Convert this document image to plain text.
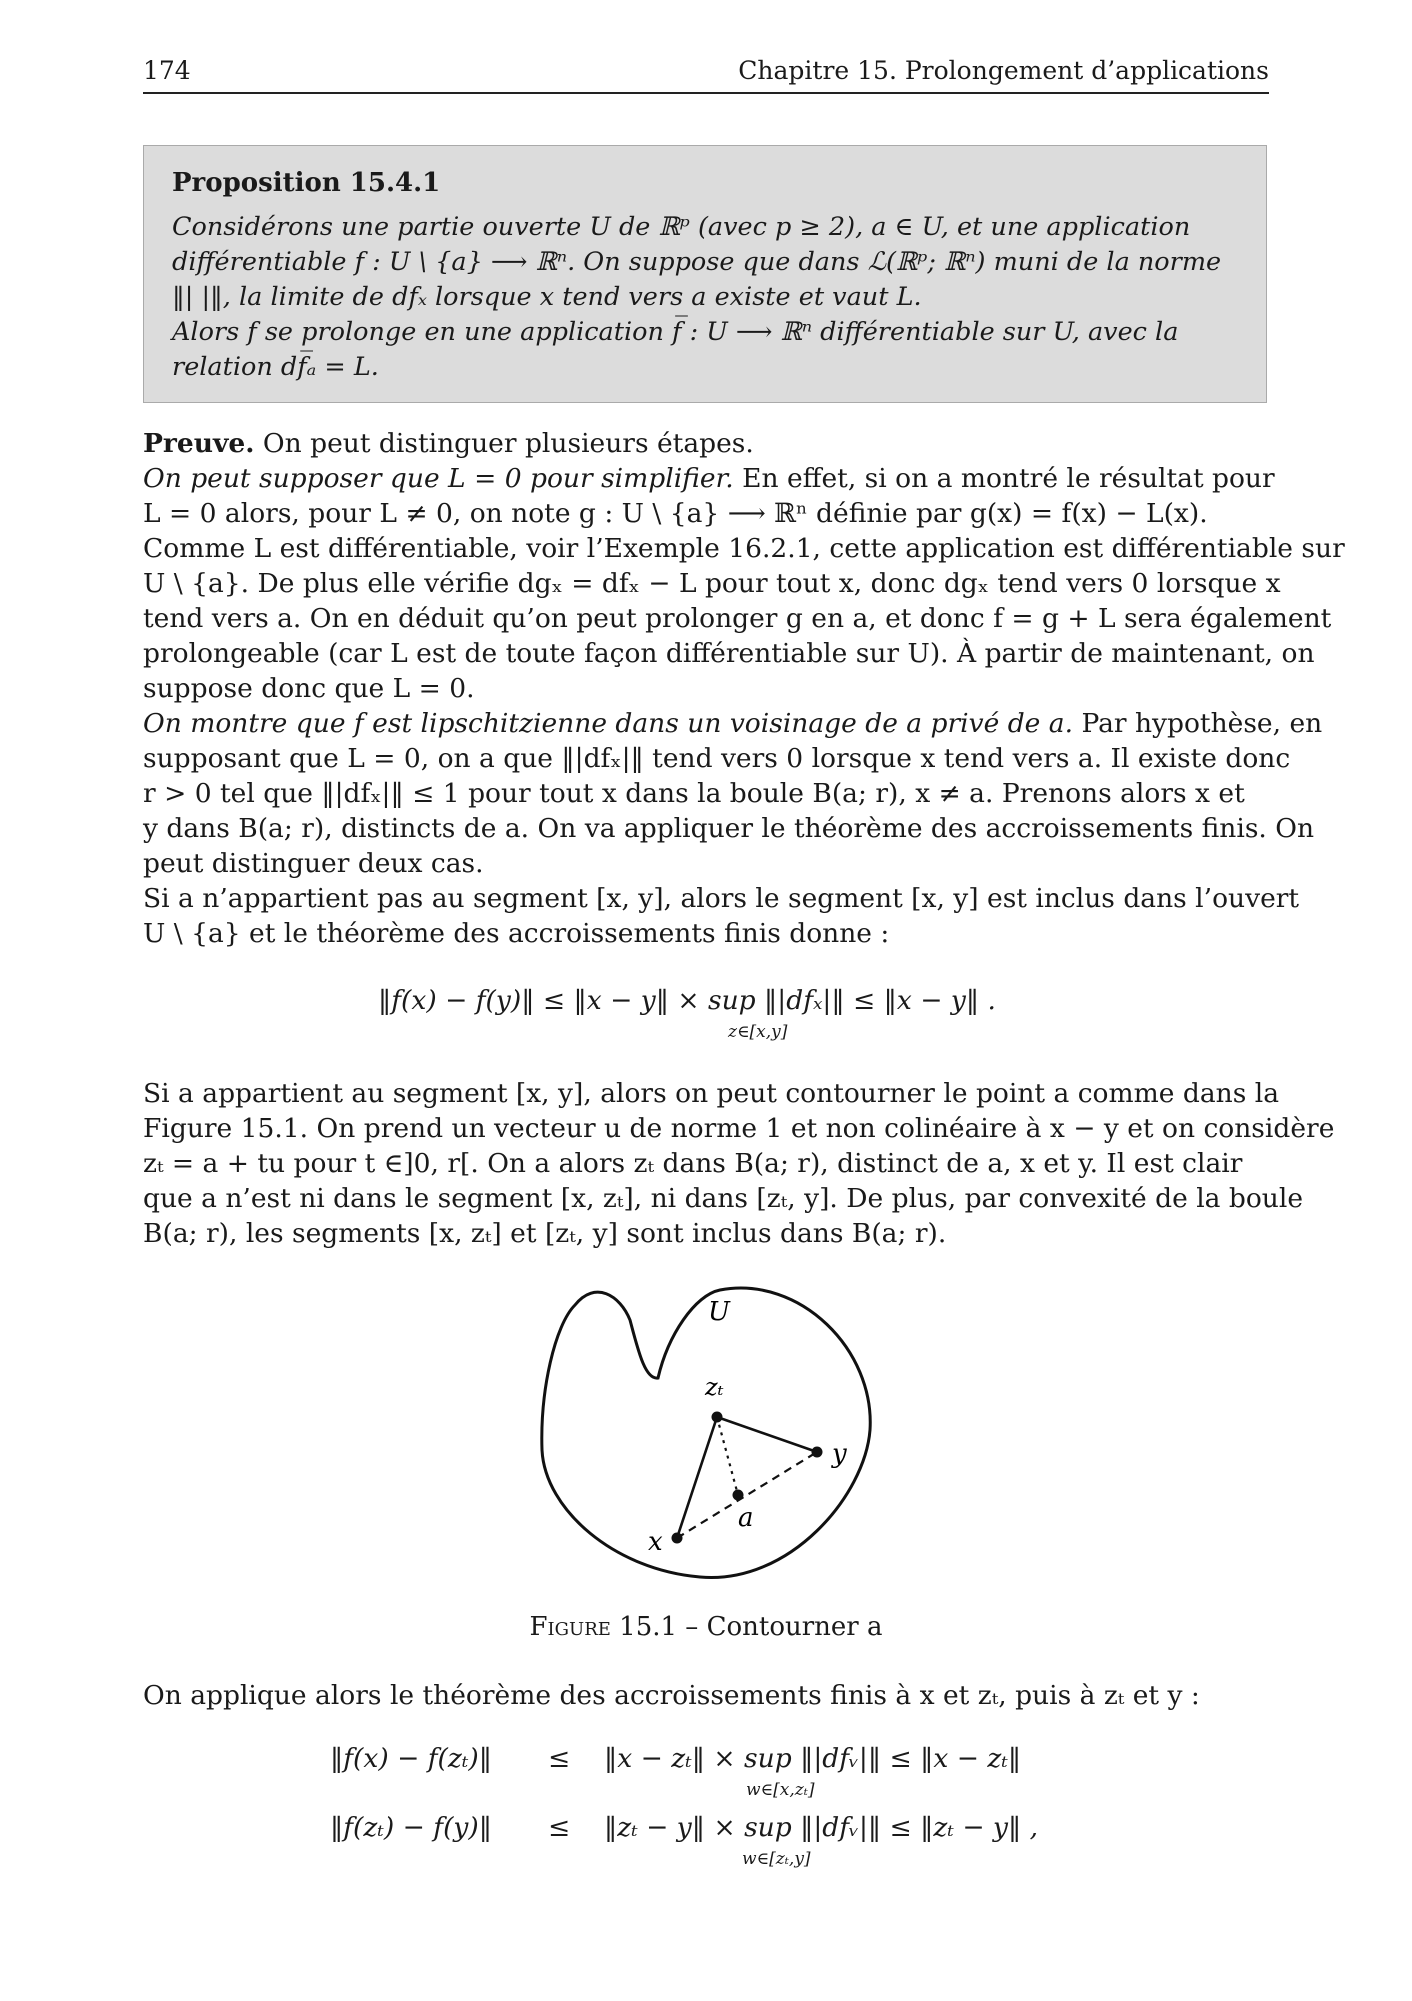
174	Chapitre 15. Prolongement d’applications
Proposition 15.4.1
Considérons une partie ouverte U de ℝᵖ (avec p ≥ 2), a ∈ U, et une application
différentiable f : U \ {a} ⟶ ℝⁿ. On suppose que dans ℒ(ℝᵖ; ℝⁿ) muni de la norme
‖| |‖, la limite de dfₓ lorsque x tend vers a existe et vaut L.
Alors f se prolonge en une application f̅ : U ⟶ ℝⁿ différentiable sur U, avec la
relation df̅ₐ = L.
Preuve. On peut distinguer plusieurs étapes.
On peut supposer que L = 0 pour simplifier. En effet, si on a montré le résultat pour
L = 0 alors, pour L ≠ 0, on note g : U \ {a} ⟶ ℝⁿ définie par g(x) = f(x) − L(x).
Comme L est différentiable, voir l’Exemple 16.2.1, cette application est différentiable sur
U \ {a}. De plus elle vérifie dgₓ = dfₓ − L pour tout x, donc dgₓ tend vers 0 lorsque x
tend vers a. On en déduit qu’on peut prolonger g en a, et donc f = g + L sera également
prolongeable (car L est de toute façon différentiable sur U). À partir de maintenant, on
suppose donc que L = 0.
On montre que f est lipschitzienne dans un voisinage de a privé de a. Par hypothèse, en
supposant que L = 0, on a que ‖|dfₓ|‖ tend vers 0 lorsque x tend vers a. Il existe donc
r > 0 tel que ‖|dfₓ|‖ ≤ 1 pour tout x dans la boule B(a; r), x ≠ a. Prenons alors x et
y dans B(a; r), distincts de a. On va appliquer le théorème des accroissements finis. On
peut distinguer deux cas.
Si a n’appartient pas au segment [x, y], alors le segment [x, y] est inclus dans l’ouvert
U \ {a} et le théorème des accroissements finis donne :
‖f(x) − f(y)‖ ≤ ‖x − y‖ × sup ‖|dfₓ|‖ ≤ ‖x − y‖ .
z∈[x,y]
Si a appartient au segment [x, y], alors on peut contourner le point a comme dans la
Figure 15.1. On prend un vecteur u de norme 1 et non colinéaire à x − y et on considère
zₜ = a + tu pour t ∈]0, r[. On a alors zₜ dans B(a; r), distinct de a, x et y. Il est clair
que a n’est ni dans le segment [x, zₜ], ni dans [zₜ, y]. De plus, par convexité de la boule
B(a; r), les segments [x, zₜ] et [zₜ, y] sont inclus dans B(a; r).
U
zₜ
y
a
x
Figure 15.1 – Contourner a
On applique alors le théorème des accroissements finis à x et zₜ, puis à zₜ et y :
‖f(x) − f(zₜ)‖ ≤ ‖x − zₜ‖ × sup ‖|dfᵥ|‖ ≤ ‖x − zₜ‖
w∈[x,zₜ]
‖f(zₜ) − f(y)‖ ≤ ‖zₜ − y‖ × sup ‖|dfᵥ|‖ ≤ ‖zₜ − y‖ ,
w∈[zₜ,y]
